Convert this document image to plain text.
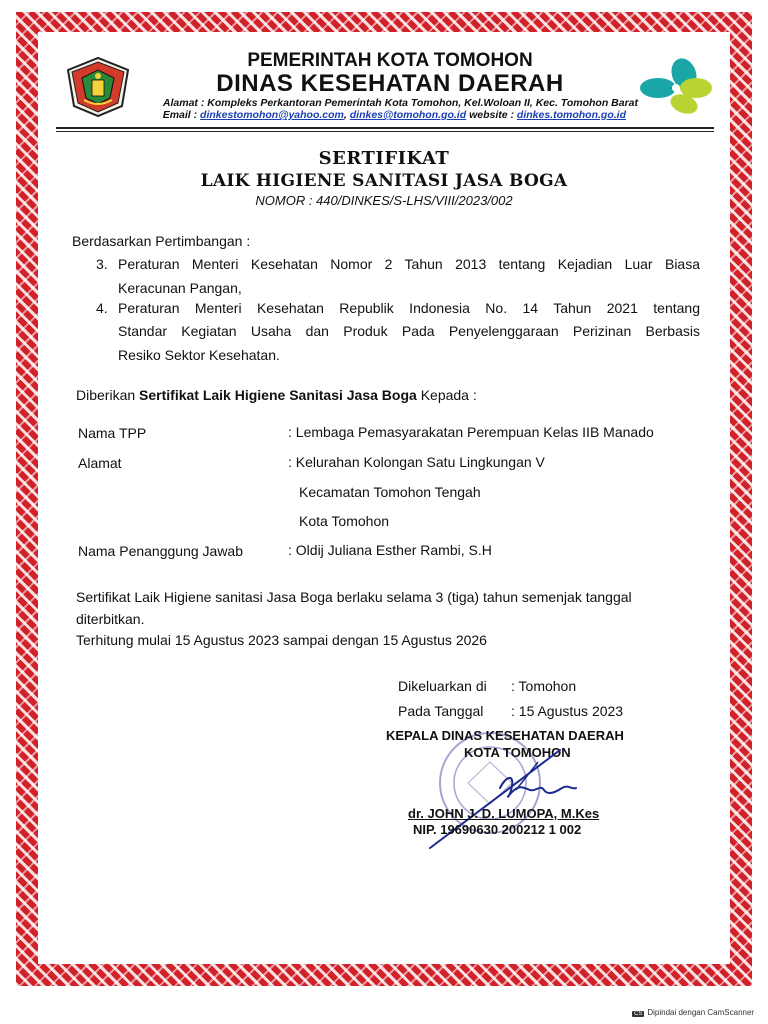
PEMERINTAH KOTA TOMOHON
DINAS KESEHATAN DAERAH
Alamat : Kompleks Perkantoran Pemerintah Kota Tomohon, Kel.Woloan II, Kec. Tomohon Barat
Email : dinkestomohon@yahoo.com, dinkes@tomohon.go.id website : dinkes.tomohon.go.id
SERTIFIKAT
LAIK HIGIENE SANITASI JASA BOGA
NOMOR : 440/DINKES/S-LHS/VIII/2023/002
Berdasarkan Pertimbangan :
3. Peraturan Menteri Kesehatan Nomor 2 Tahun 2013 tentang Kejadian Luar Biasa
Keracunan Pangan,
4. Peraturan Menteri Kesehatan Republik Indonesia No. 14 Tahun 2021 tentang
Standar Kegiatan Usaha dan Produk Pada Penyelenggaraan Perizinan Berbasis
Resiko Sektor Kesehatan.
Diberikan Sertifikat Laik Higiene Sanitasi Jasa Boga Kepada :
Nama TPP	: Lembaga Pemasyarakatan Perempuan Kelas IIB Manado
Alamat	: Kelurahan Kolongan Satu Lingkungan V
Kecamatan Tomohon Tengah
Kota Tomohon
Nama Penanggung Jawab	: Oldij Juliana Esther Rambi, S.H
Sertifikat Laik Higiene sanitasi Jasa Boga berlaku selama 3 (tiga) tahun semenjak tanggal
diterbitkan.
Terhitung mulai 15 Agustus 2023 sampai dengan 15 Agustus 2026
Dikeluarkan di : Tomohon
Pada Tanggal : 15 Agustus 2023
KEPALA DINAS KESEHATAN DAERAH
KOTA TOMOHON
dr. JOHN J. D. LUMOPA, M.Kes
NIP. 19690630 200212 1 002
CS Dipindai dengan CamScanner
